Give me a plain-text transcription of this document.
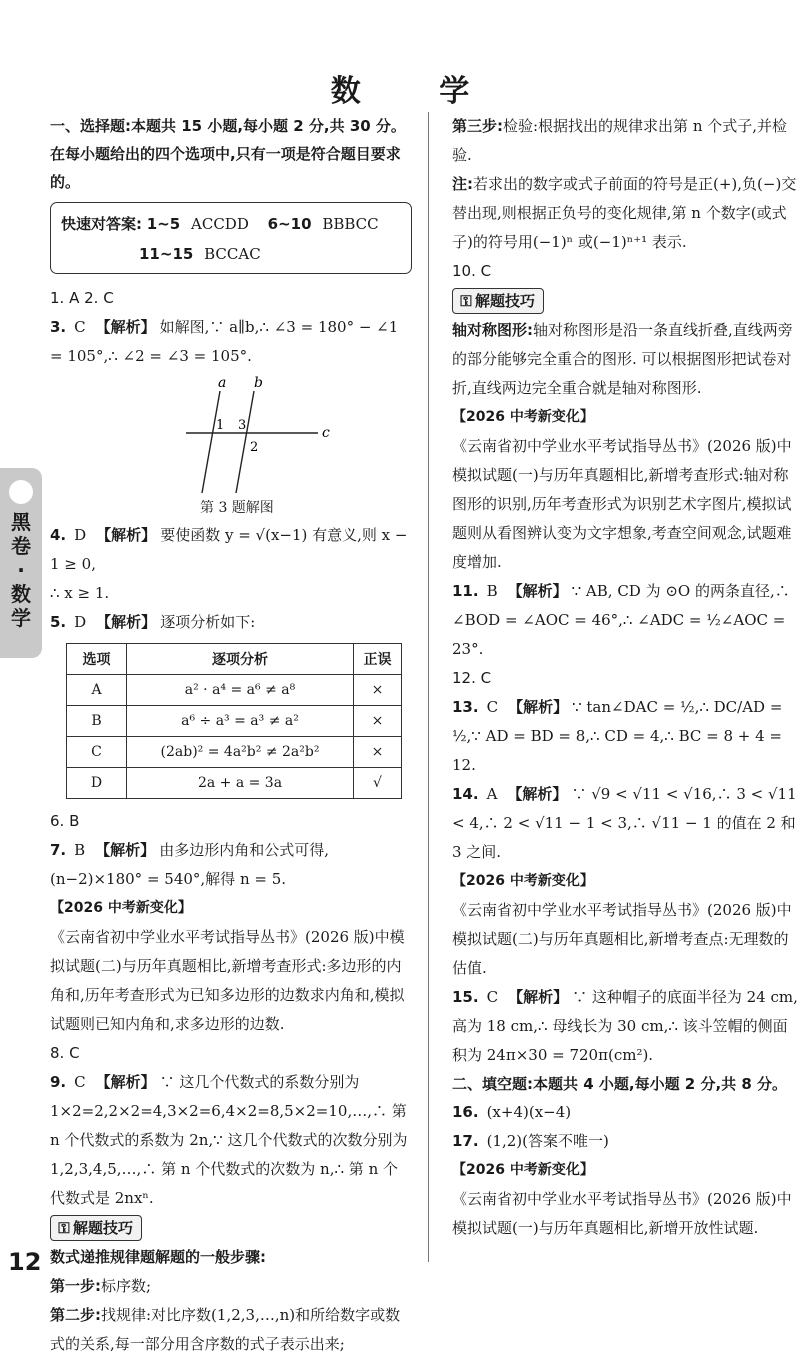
数 学
黑卷·数学
一、选择题:本题共 15 小题,每小题 2 分,共 30 分。在每小题给出的四个选项中,只有一项是符合题目要求的。
快速对答案: 1~5 ACCDD 6~10 BBBCC
11~15 BCCAC
1. A 2. C
3. C 【解析】 如解图,∵ a∥b,∴ ∠3 = 180° − ∠1 = 105°,∴ ∠2 = ∠3 = 105°.
a b
c
1 3
2
第 3 题解图
4. D 【解析】 要使函数 y = √(x−1) 有意义,则 x − 1 ≥ 0,
∴ x ≥ 1.
5. D 【解析】 逐项分析如下:
选项	逐项分析	正误
A	a² · a⁴ = a⁶ ≠ a⁸	×
B	a⁶ ÷ a³ = a³ ≠ a²	×
C	(2ab)² = 4a²b² ≠ 2a²b²	×
D	2a + a = 3a	√
6. B
7. B 【解析】 由多边形内角和公式可得,(n−2)×180° = 540°,解得 n = 5.
【2026 中考新变化】
《云南省初中学业水平考试指导丛书》(2026 版)中模拟试题(二)与历年真题相比,新增考查形式:多边形的内角和,历年考查形式为已知多边形的边数求内角和,模拟试题则已知内角和,求多边形的边数.
8. C
9. C 【解析】 ∵ 这几个代数式的系数分别为 1×2=2,2×2=4,3×2=6,4×2=8,5×2=10,…,∴ 第 n 个代数式的系数为 2n,∵ 这几个代数式的次数分别为 1,2,3,4,5,…,∴ 第 n 个代数式的次数为 n,∴ 第 n 个代数式是 2nxⁿ.
⚿ 解题技巧
数式递推规律题解题的一般步骤:
第一步:标序数;
第二步:找规律:对比序数(1,2,3,…,n)和所给数字或数式的关系,每一部分用含序数的式子表示出来;
第三步:检验:根据找出的规律求出第 n 个式子,并检验.
注:若求出的数字或式子前面的符号是正(+),负(−)交替出现,则根据正负号的变化规律,第 n 个数字(或式子)的符号用(−1)ⁿ 或(−1)ⁿ⁺¹ 表示.
10. C
⚿ 解题技巧
轴对称图形:轴对称图形是沿一条直线折叠,直线两旁的部分能够完全重合的图形. 可以根据图形把试卷对折,直线两边完全重合就是轴对称图形.
【2026 中考新变化】
《云南省初中学业水平考试指导丛书》(2026 版)中模拟试题(一)与历年真题相比,新增考查形式:轴对称图形的识别,历年考查形式为识别艺术字图片,模拟试题则从看图辨认变为文字想象,考查空间观念,试题难度增加.
11. B 【解析】 ∵ AB, CD 为 ⊙O 的两条直径,∴ ∠BOD = ∠AOC = 46°,∴ ∠ADC = ½∠AOC = 23°.
12. C
13. C 【解析】 ∵ tan∠DAC = ½,∴ DC/AD = ½,∵ AD = BD = 8,∴ CD = 4,∴ BC = 8 + 4 = 12.
14. A 【解析】 ∵ √9 < √11 < √16,∴ 3 < √11 < 4,∴ 2 < √11 − 1 < 3,∴ √11 − 1 的值在 2 和 3 之间.
【2026 中考新变化】
《云南省初中学业水平考试指导丛书》(2026 版)中模拟试题(二)与历年真题相比,新增考查点:无理数的估值.
15. C 【解析】 ∵ 这种帽子的底面半径为 24 cm,高为 18 cm,∴ 母线长为 30 cm,∴ 该斗笠帽的侧面积为 24π×30 = 720π(cm²).
二、填空题:本题共 4 小题,每小题 2 分,共 8 分。
16. (x+4)(x−4)
17. (1,2)(答案不唯一)
【2026 中考新变化】
《云南省初中学业水平考试指导丛书》(2026 版)中模拟试题(一)与历年真题相比,新增开放性试题.
12
